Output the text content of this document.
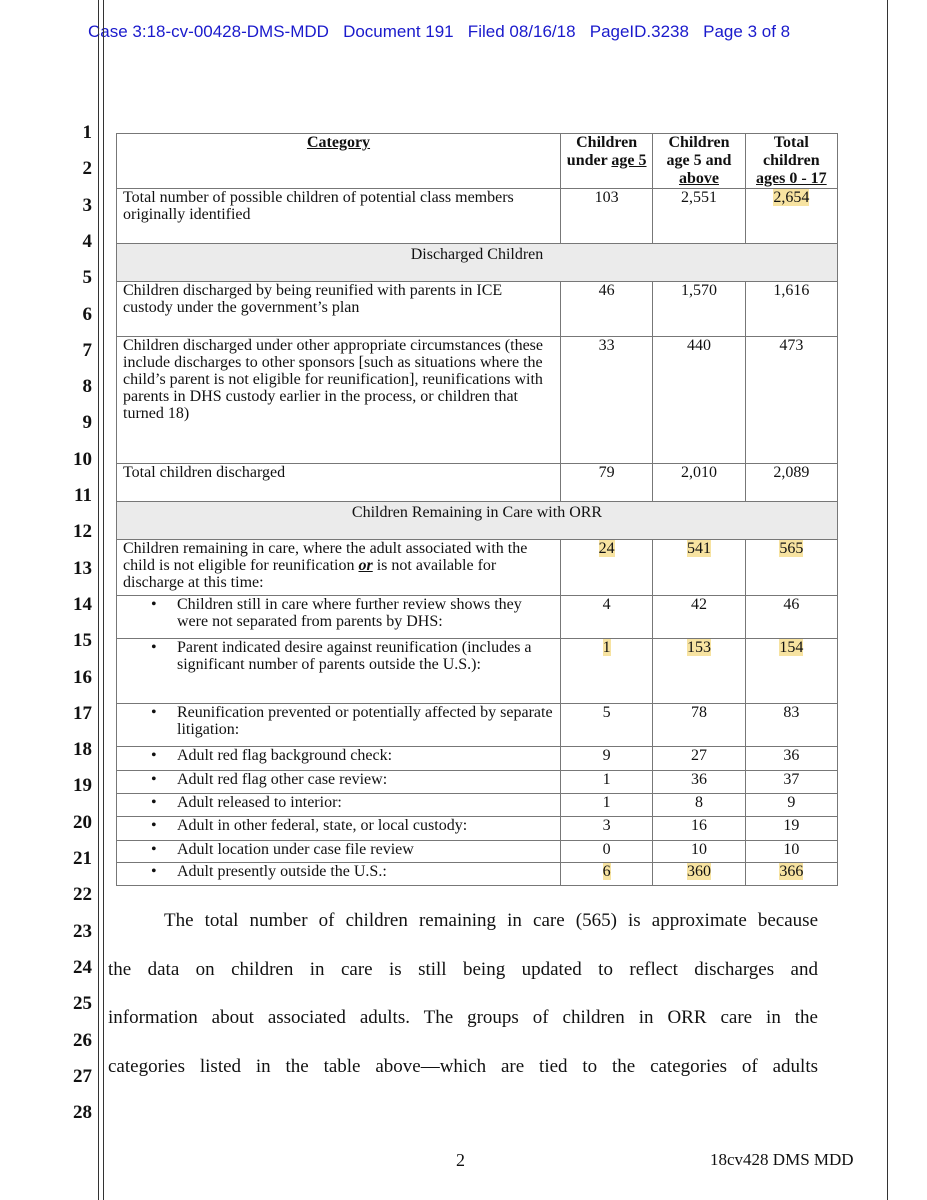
Case 3:18-cv-00428-DMS-MDD   Document 191   Filed 08/16/18   PageID.3238   Page 3 of 8
1
2
3
4
5
6
7
8
9
10
11
12
13
14
15
16
17
18
19
20
21
22
23
24
25
26
27
28
Category	Children under age 5	Children age 5 and above	Total children ages 0 - 17

Total number of possible children of potential class members originally identified	103	2,551	2,654
Discharged Children			

Children discharged by being reunified with parents in ICE custody under the government’s plan	46	1,570	1,616

Children discharged under other appropriate circumstances (these include discharges to other sponsors [such as situations where the child’s parent is not eligible for reunification], reunifications with parents in DHS custody earlier in the process, or children that turned 18)	33	440	473

Total children discharged	79	2,010	2,089
Children Remaining in Care with ORR			

Children remaining in care, where the adult associated with the child is not eligible for reunification or is not available for discharge at this time:	24	541	565

• Children still in care where further review shows they were not separated from parents by DHS:	4	42	46

• Parent indicated desire against reunification (includes a significant number of parents outside the U.S.):	1	153	154

• Reunification prevented or potentially affected by separate litigation:	5	78	83

• Adult red flag background check:	9	27	36

• Adult red flag other case review:	1	36	37

• Adult released to interior:	1	8	9

• Adult in other federal, state, or local custody:	3	16	19

• Adult location under case file review	0	10	10

• Adult presently outside the U.S.:	6	360	366
The total number of children remaining in care (565) is approximate because
the data on children in care is still being updated to reflect discharges and
information about associated adults. The groups of children in ORR care in the
categories listed in the table above—which are tied to the categories of adults
2	18cv428 DMS MDD
